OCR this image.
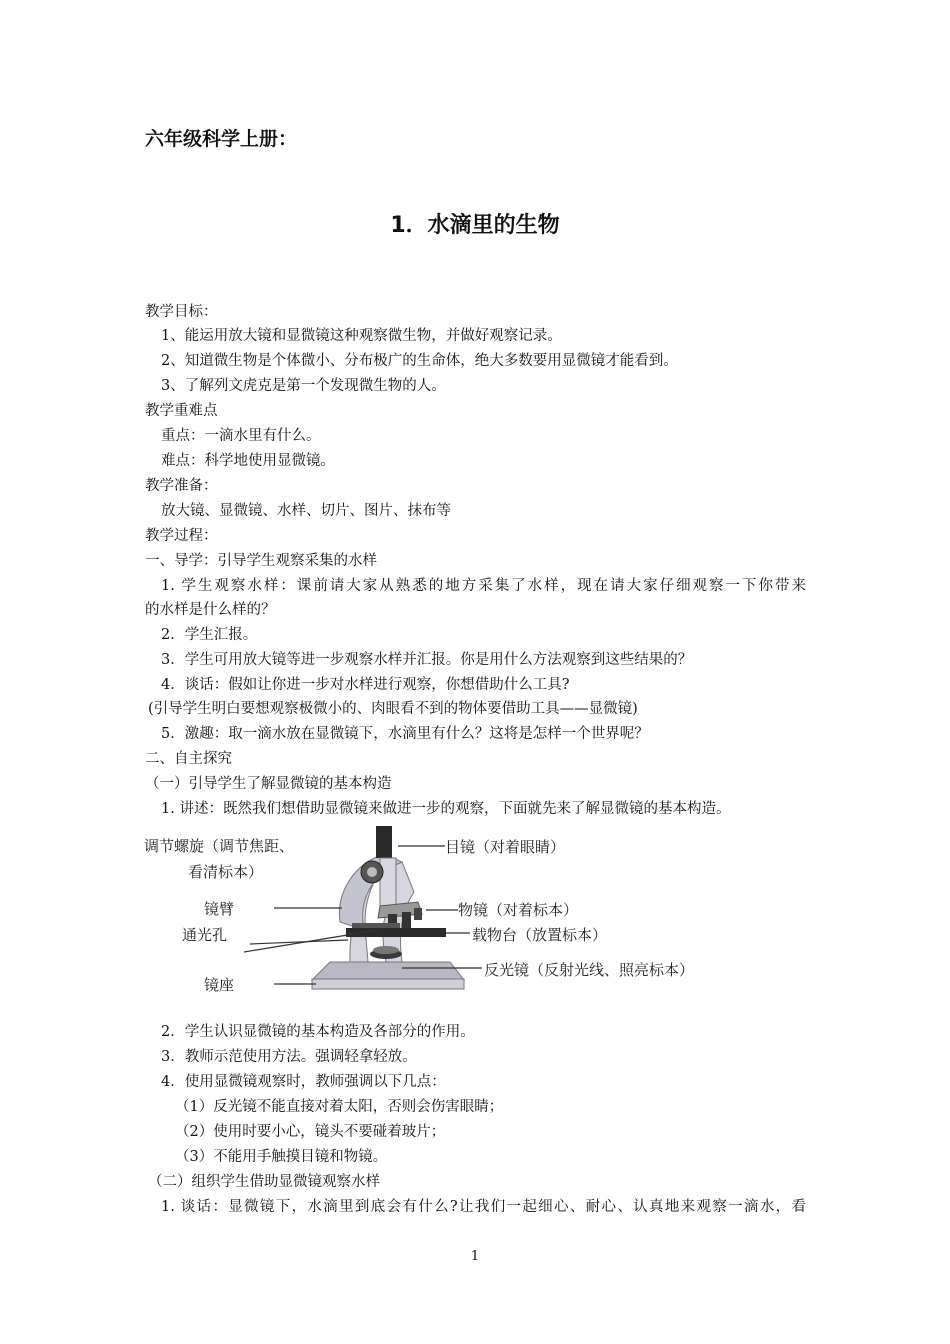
六年级科学上册：
1．水滴里的生物
教学目标：
1、能运用放大镜和显微镜这种观察微生物，并做好观察记录。
2、知道微生物是个体微小、分布极广的生命体，绝大多数要用显微镜才能看到。
3、了解列文虎克是第一个发现微生物的人。
教学重难点
重点：一滴水里有什么。
难点：科学地使用显微镜。
教学准备：
放大镜、显微镜、水样、切片、图片、抹布等
教学过程：
一、导学：引导学生观察采集的水样
1. 学生观察水样：课前请大家从熟悉的地方采集了水样，现在请大家仔细观察一下你带来
的水样是什么样的？
2．学生汇报。
3．学生可用放大镜等进一步观察水样并汇报。你是用什么方法观察到这些结果的？
4．谈话：假如让你进一步对水样进行观察，你想借助什么工具?
(引导学生明白要想观察极微小的、肉眼看不到的物体要借助工具——显微镜)
5．激趣：取一滴水放在显微镜下，水滴里有什么？这将是怎样一个世界呢？
二、自主探究
（一）引导学生了解显微镜的基本构造
1. 讲述：既然我们想借助显微镜来做进一步的观察，下面就先来了解显微镜的基本构造。
调节螺旋（调节焦距、
看清标本）
镜臂
通光孔
镜座
目镜（对着眼睛）
物镜（对着标本）
载物台（放置标本）
反光镜（反射光线、照亮标本）
2．学生认识显微镜的基本构造及各部分的作用。
3．教师示范使用方法。强调轻拿轻放。
4．使用显微镜观察时，教师强调以下几点：
（1）反光镜不能直接对着太阳，否则会伤害眼睛；
（2）使用时要小心，镜头不要碰着玻片；
（3）不能用手触摸目镜和物镜。
（二）组织学生借助显微镜观察水样
1. 谈话：显微镜下，水滴里到底会有什么?让我们一起细心、耐心、认真地来观察一滴水，看
1
